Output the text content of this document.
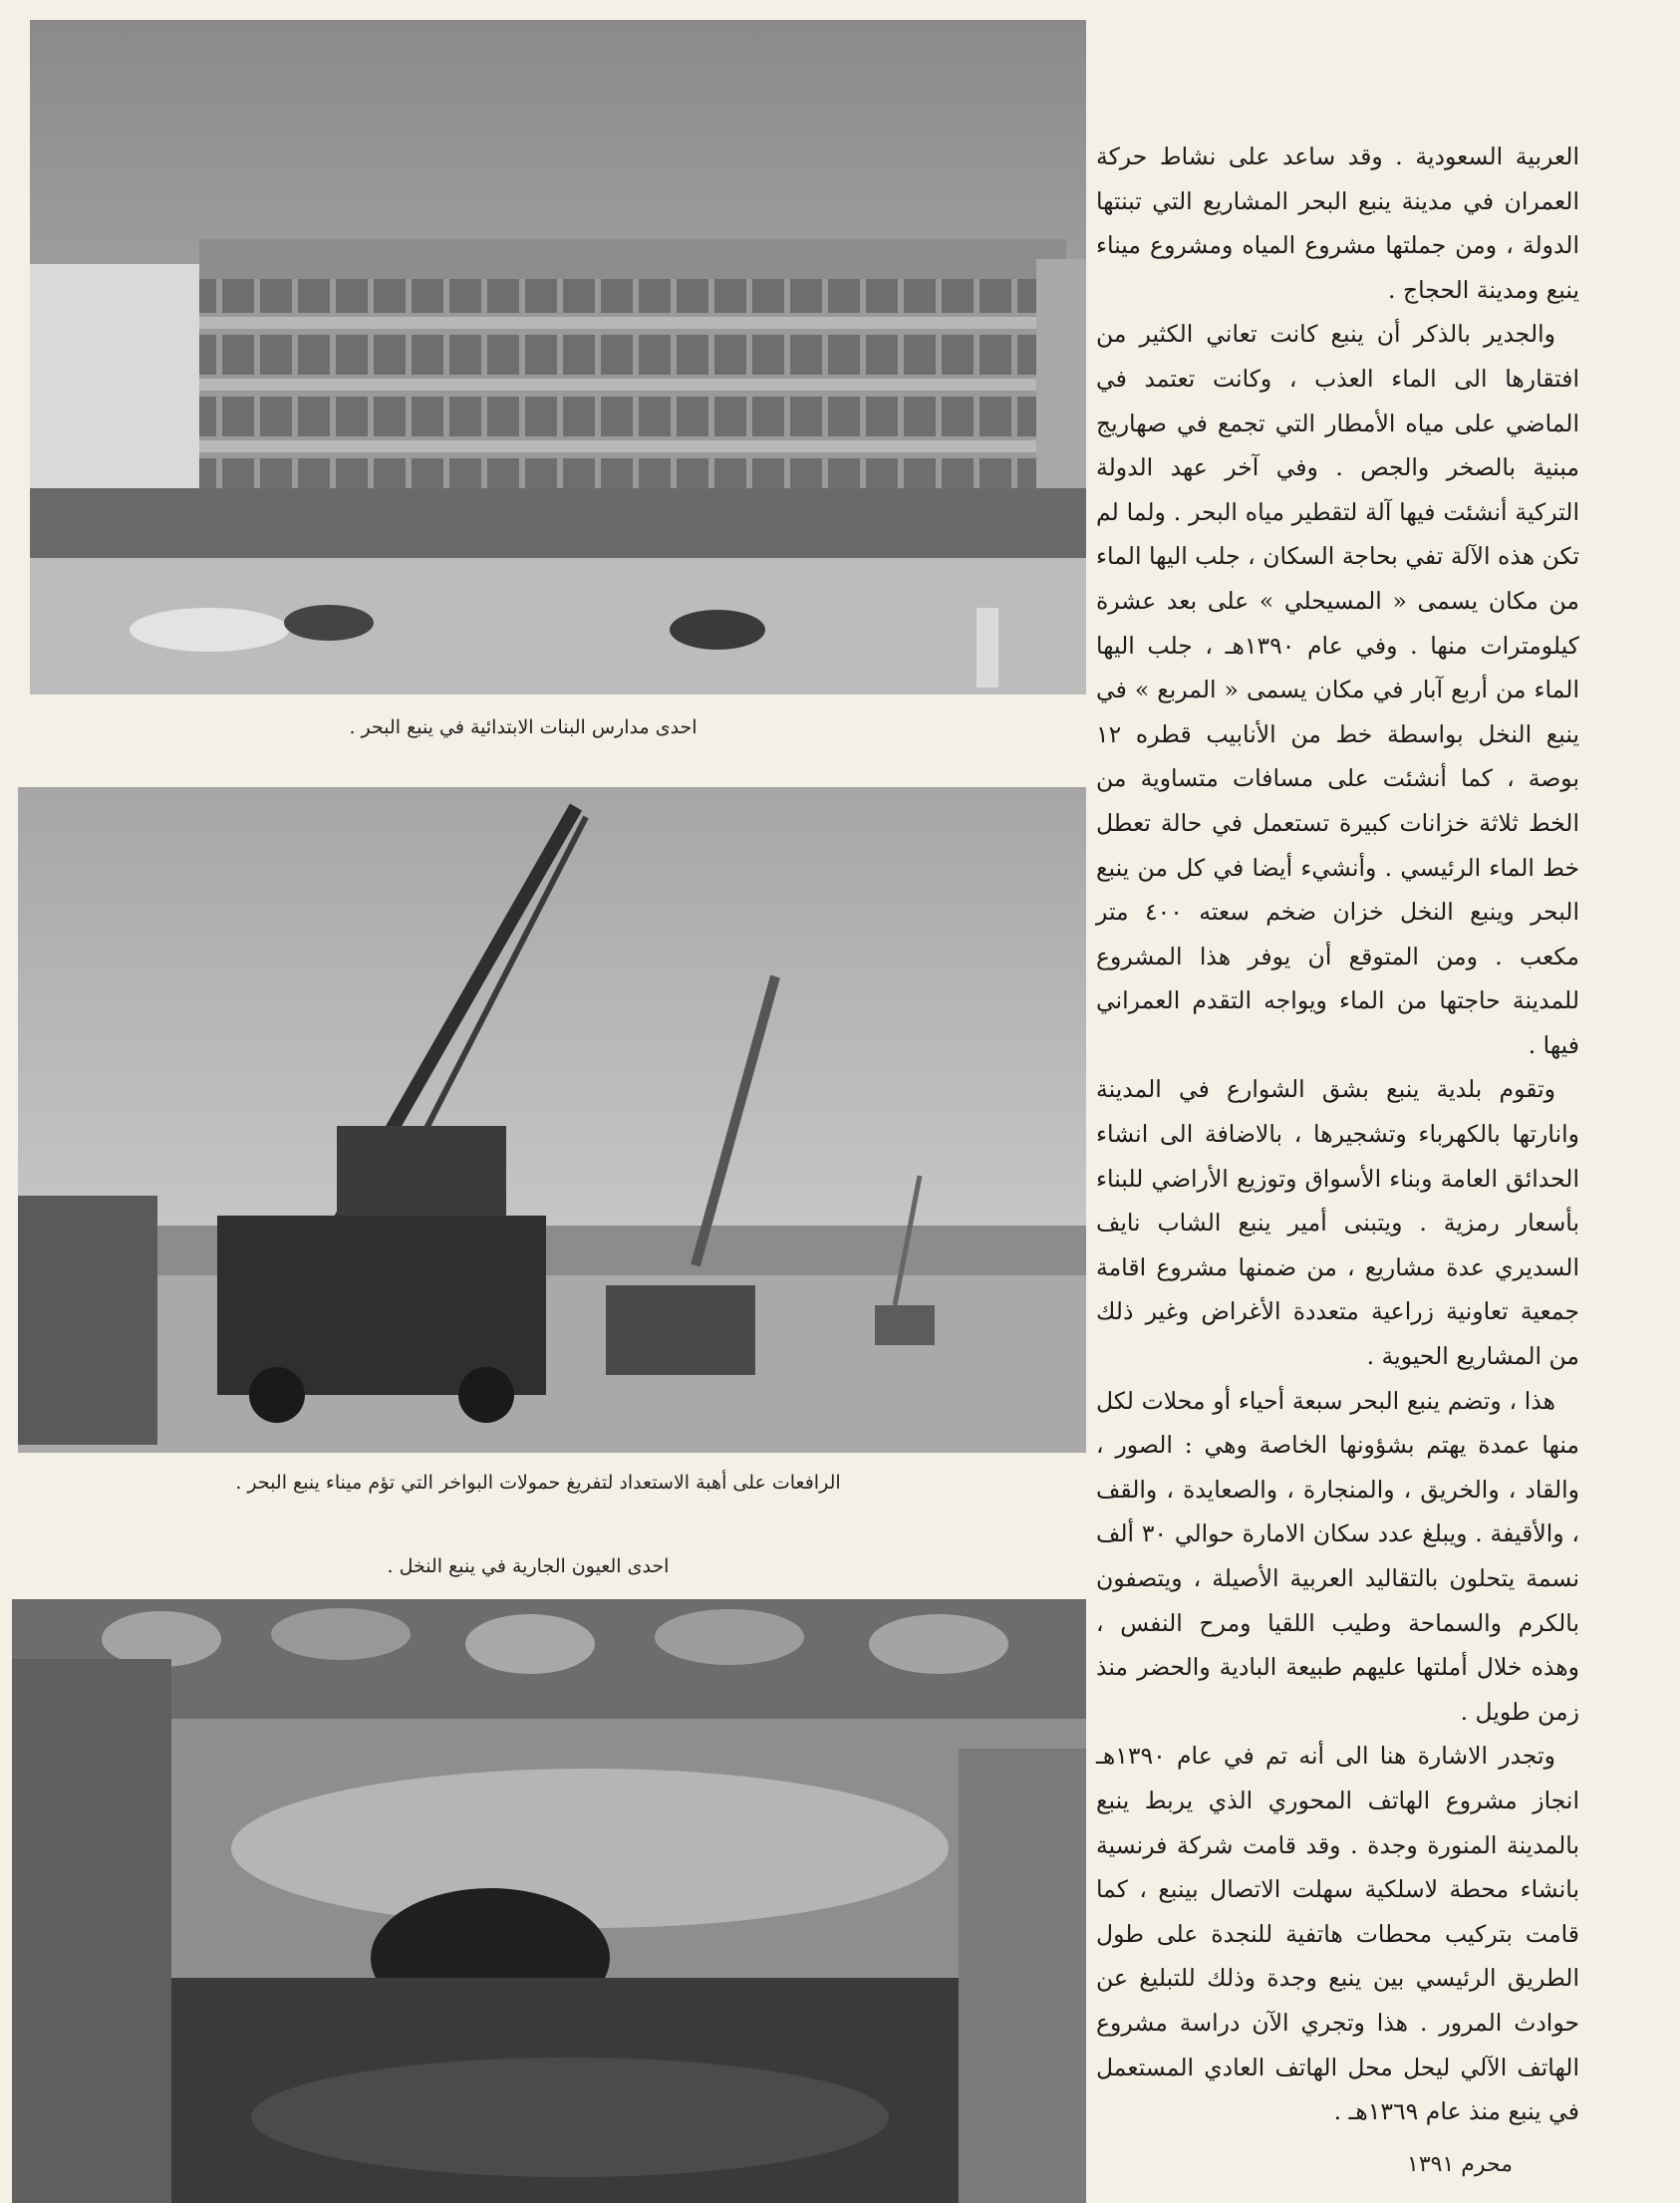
احدى مدارس البنات الابتدائية في ينبع البحر .
الرافعات على أهبة الاستعداد لتفريغ حمولات البواخر التي تؤم ميناء ينبع البحر .
احدى العيون الجارية في ينبع النخل .

العربية السعودية . وقد ساعد على نشاط حركة العمران في مدينة ينبع البحر المشاريع التي تبنتها الدولة ، ومن جملتها مشروع المياه ومشروع ميناء ينبع ومدينة الحجاج .

والجدير بالذكر أن ينبع كانت تعاني الكثير من افتقارها الى الماء العذب ، وكانت تعتمد في الماضي على مياه الأمطار التي تجمع في صهاريج مبنية بالصخر والجص . وفي آخر عهد الدولة التركية أنشئت فيها آلة لتقطير مياه البحر . ولما لم تكن هذه الآلة تفي بحاجة السكان ، جلب اليها الماء من مكان يسمى « المسيحلي » على بعد عشرة كيلومترات منها . وفي عام ١٣٩٠هـ ، جلب اليها الماء من أربع آبار في مكان يسمى « المربع » في ينبع النخل بواسطة خط من الأنابيب قطره ١٢ بوصة ، كما أنشئت على مسافات متساوية من الخط ثلاثة خزانات كبيرة تستعمل في حالة تعطل خط الماء الرئيسي . وأنشيء أيضا في كل من ينبع البحر وينبع النخل خزان ضخم سعته ٤٠٠ متر مكعب . ومن المتوقع أن يوفر هذا المشروع للمدينة حاجتها من الماء ويواجه التقدم العمراني فيها .

وتقوم بلدية ينبع بشق الشوارع في المدينة وانارتها بالكهرباء وتشجيرها ، بالاضافة الى انشاء الحدائق العامة وبناء الأسواق وتوزيع الأراضي للبناء بأسعار رمزية . ويتبنى أمير ينبع الشاب نايف السديري عدة مشاريع ، من ضمنها مشروع اقامة جمعية تعاونية زراعية متعددة الأغراض وغير ذلك من المشاريع الحيوية .

هذا ، وتضم ينبع البحر سبعة أحياء أو محلات لكل منها عمدة يهتم بشؤونها الخاصة وهي : الصور ، والقاد ، والخريق ، والمنجارة ، والصعايدة ، والقف ، والأقيفة . ويبلغ عدد سكان الامارة حوالي ٣٠ ألف نسمة يتحلون بالتقاليد العربية الأصيلة ، ويتصفون بالكرم والسماحة وطيب اللقيا ومرح النفس ، وهذه خلال أملتها عليهم طبيعة البادية والحضر منذ زمن طويل .

وتجدر الاشارة هنا الى أنه تم في عام ١٣٩٠هـ انجاز مشروع الهاتف المحوري الذي يربط ينبع بالمدينة المنورة وجدة . وقد قامت شركة فرنسية بانشاء محطة لاسلكية سهلت الاتصال بينبع ، كما قامت بتركيب محطات هاتفية للنجدة على طول الطريق الرئيسي بين ينبع وجدة وذلك للتبليغ عن حوادث المرور . هذا وتجري الآن دراسة مشروع الهاتف الآلي ليحل محل الهاتف العادي المستعمل في ينبع منذ عام ١٣٦٩هـ .

محرم ١٣٩١
